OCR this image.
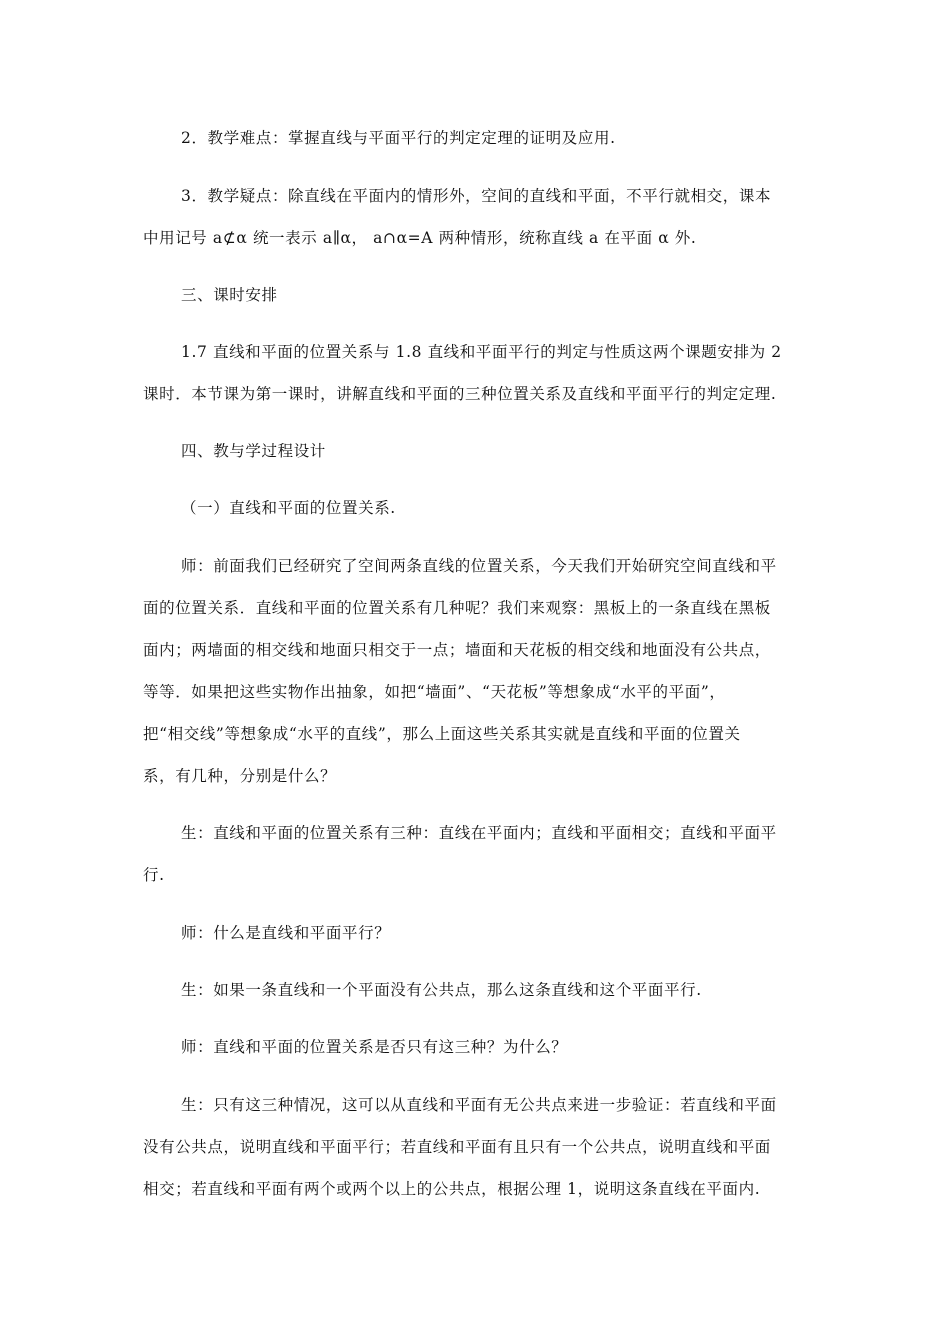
2．教学难点：掌握直线与平面平行的判定定理的证明及应用.
3．教学疑点：除直线在平面内的情形外，空间的直线和平面，不平行就相交，课本
中用记号 a⊄α 统一表示 a∥α， a∩α=A 两种情形，统称直线 a 在平面 α 外.
三、课时安排
1.7 直线和平面的位置关系与 1.8 直线和平面平行的判定与性质这两个课题安排为 2
课时．本节课为第一课时，讲解直线和平面的三种位置关系及直线和平面平行的判定定理.
四、教与学过程设计
（一）直线和平面的位置关系.
师：前面我们已经研究了空间两条直线的位置关系，今天我们开始研究空间直线和平
面的位置关系．直线和平面的位置关系有几种呢？我们来观察：黑板上的一条直线在黑板
面内；两墙面的相交线和地面只相交于一点；墙面和天花板的相交线和地面没有公共点，
等等．如果把这些实物作出抽象，如把“墙面”、“天花板”等想象成“水平的平面”，
把“相交线”等想象成“水平的直线”，那么上面这些关系其实就是直线和平面的位置关
系，有几种，分别是什么？
生：直线和平面的位置关系有三种：直线在平面内；直线和平面相交；直线和平面平
行.
师：什么是直线和平面平行？
生：如果一条直线和一个平面没有公共点，那么这条直线和这个平面平行.
师：直线和平面的位置关系是否只有这三种？为什么？
生：只有这三种情况，这可以从直线和平面有无公共点来进一步验证：若直线和平面
没有公共点，说明直线和平面平行；若直线和平面有且只有一个公共点，说明直线和平面
相交；若直线和平面有两个或两个以上的公共点，根据公理 1，说明这条直线在平面内.
